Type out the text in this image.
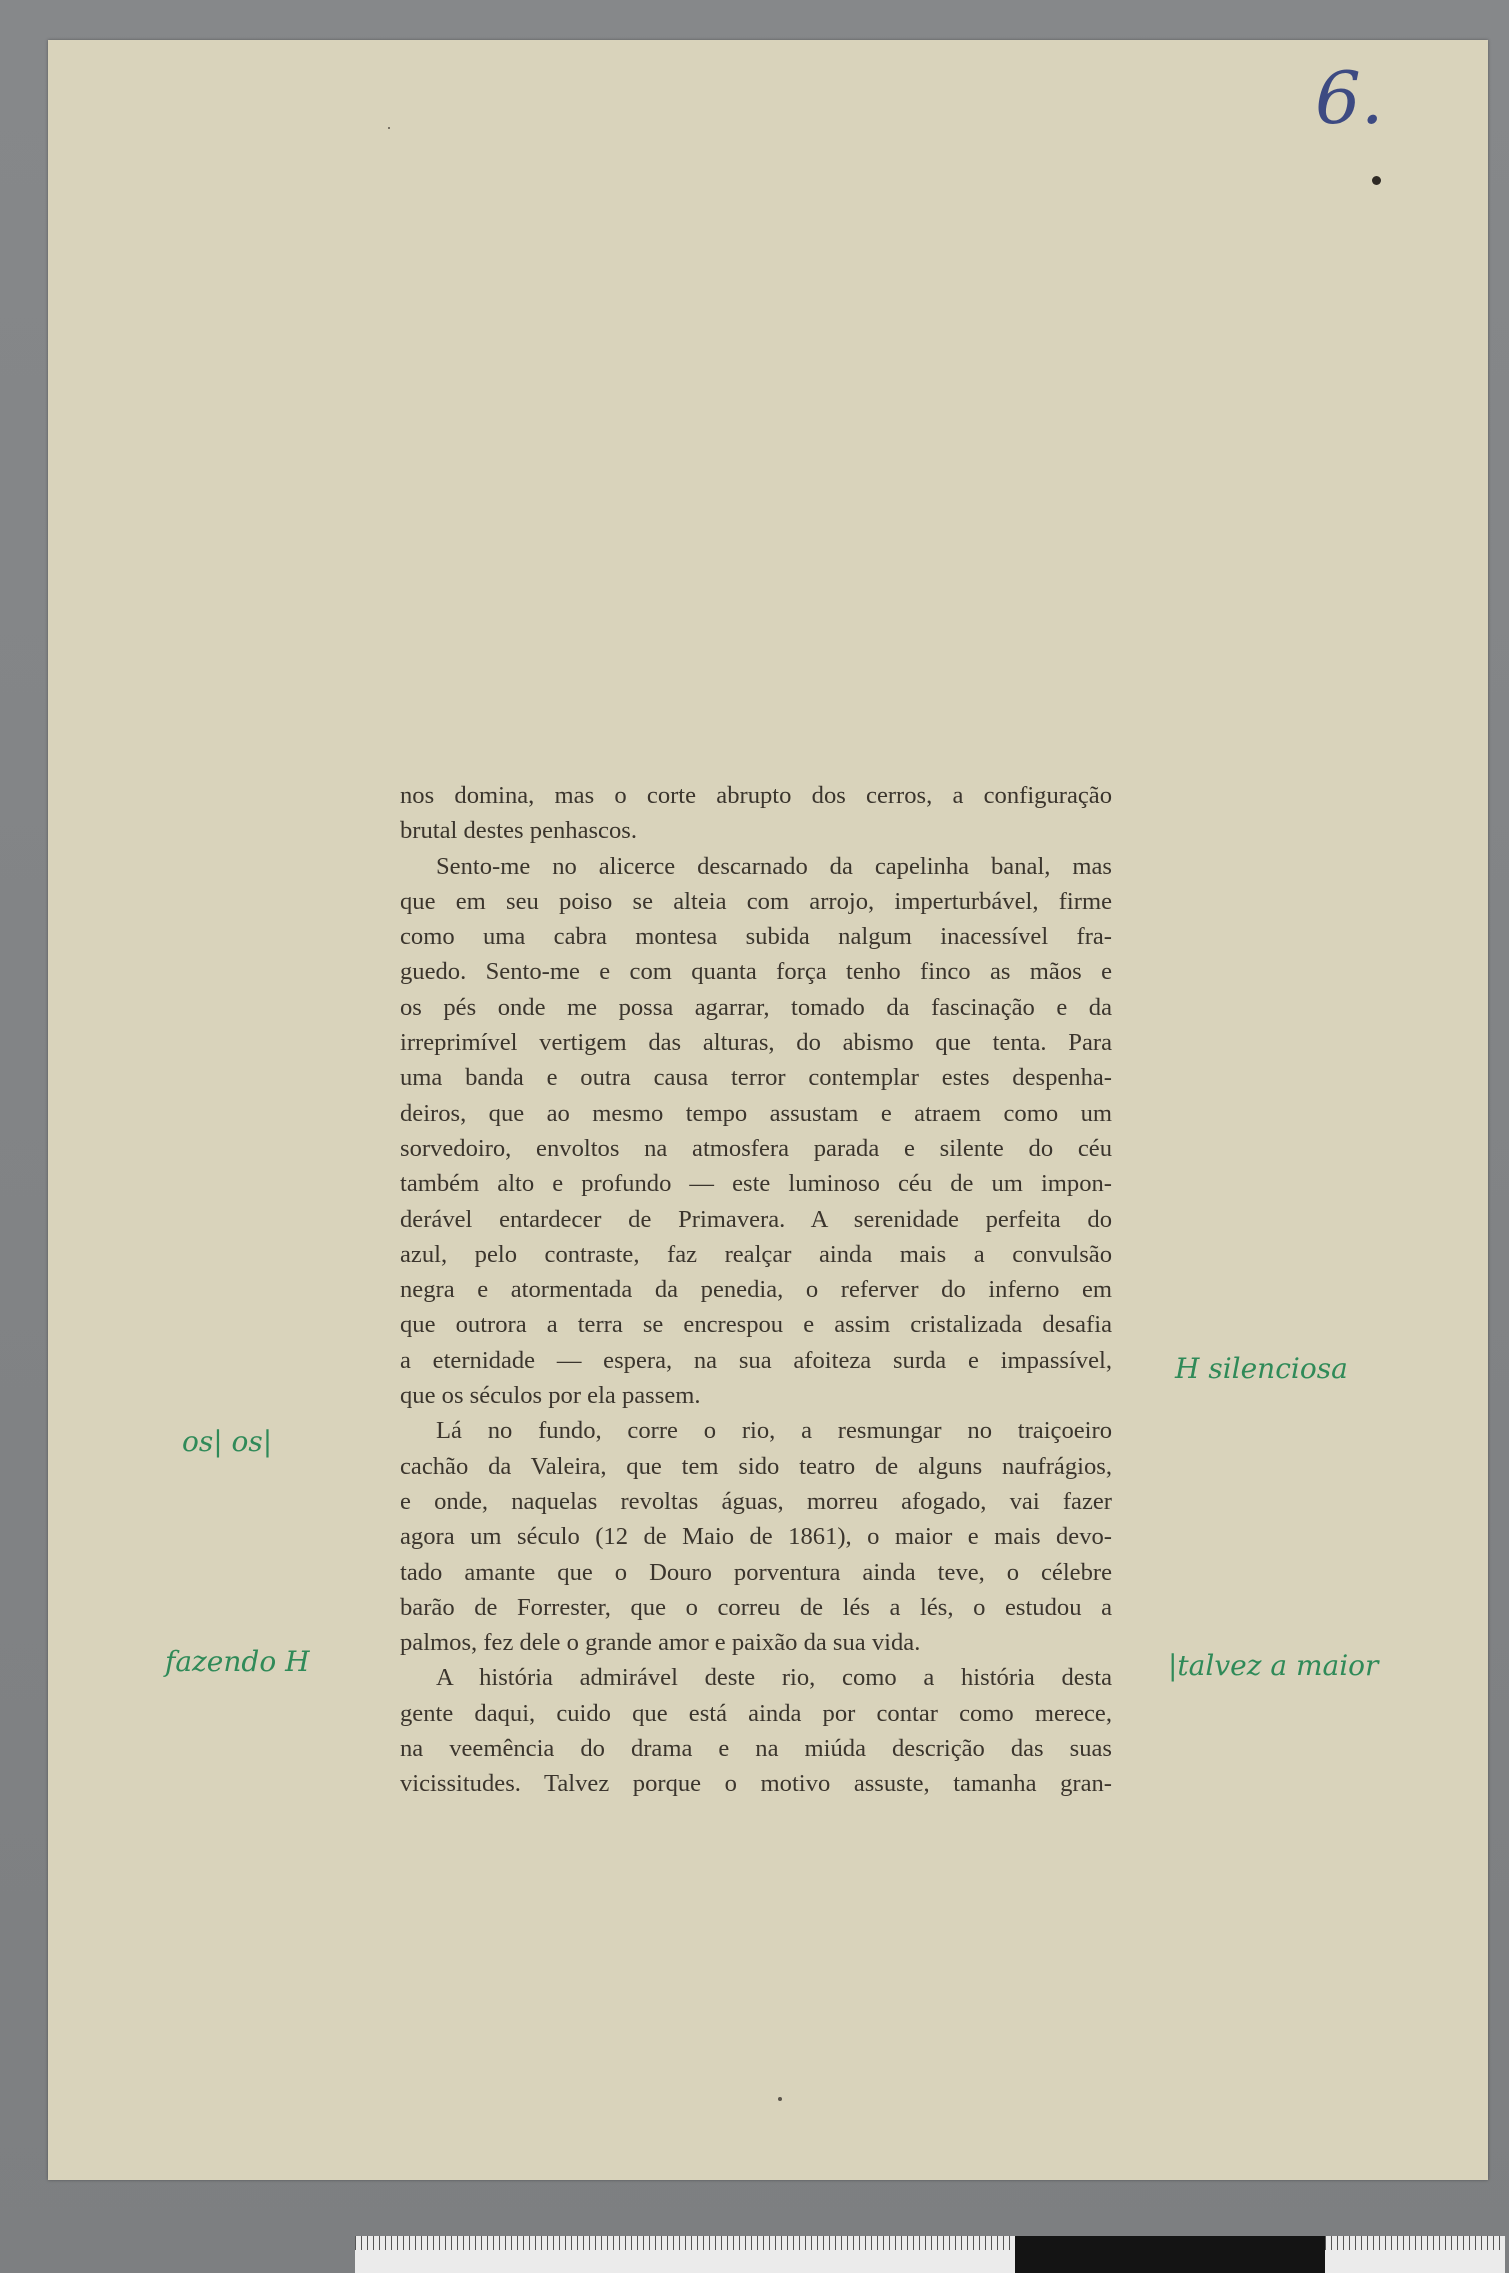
6.
nos domina, mas o corte abrupto dos cerros, a configuração
brutal destes penhascos.
Sento-me no alicerce descarnado da capelinha banal, mas
que em seu poiso se alteia com arrojo, imperturbável, firme
como uma cabra montesa subida nalgum inacessível fra-
guedo. Sento-me e com quanta força tenho finco as mãos e
os pés onde me possa agarrar, tomado da fascinação e da
irreprimível vertigem das alturas, do abismo que tenta. Para
uma banda e outra causa terror contemplar estes despenha-
deiros, que ao mesmo tempo assustam e atraem como um
sorvedoiro, envoltos na atmosfera parada e silente do céu
também alto e profundo — este luminoso céu de um impon-
derável entardecer de Primavera. A serenidade perfeita do
azul, pelo contraste, faz realçar ainda mais a convulsão
negra e atormentada da penedia, o referver do inferno em
que outrora a terra se encrespou e assim cristalizada desafia
a eternidade — espera, na sua afoiteza surda e impassível,
que os séculos por ela passem.
Lá no fundo, corre o rio, a resmungar no traiçoeiro
cachão da Valeira, que tem sido teatro de alguns naufrágios,
e onde, naquelas revoltas águas, morreu afogado, vai fazer
agora um século (12 de Maio de 1861), o maior e mais devo-
tado amante que o Douro porventura ainda teve, o célebre
barão de Forrester, que o correu de lés a lés, o estudou a
palmos, fez dele o grande amor e paixão da sua vida.
A história admirável deste rio, como a história desta
gente daqui, cuido que está ainda por contar como merece,
na veemência do drama e na miúda descrição das suas
vicissitudes. Talvez porque o motivo assuste, tamanha gran-
H silenciosa
os| os|
fazendo H	|talvez a maior
